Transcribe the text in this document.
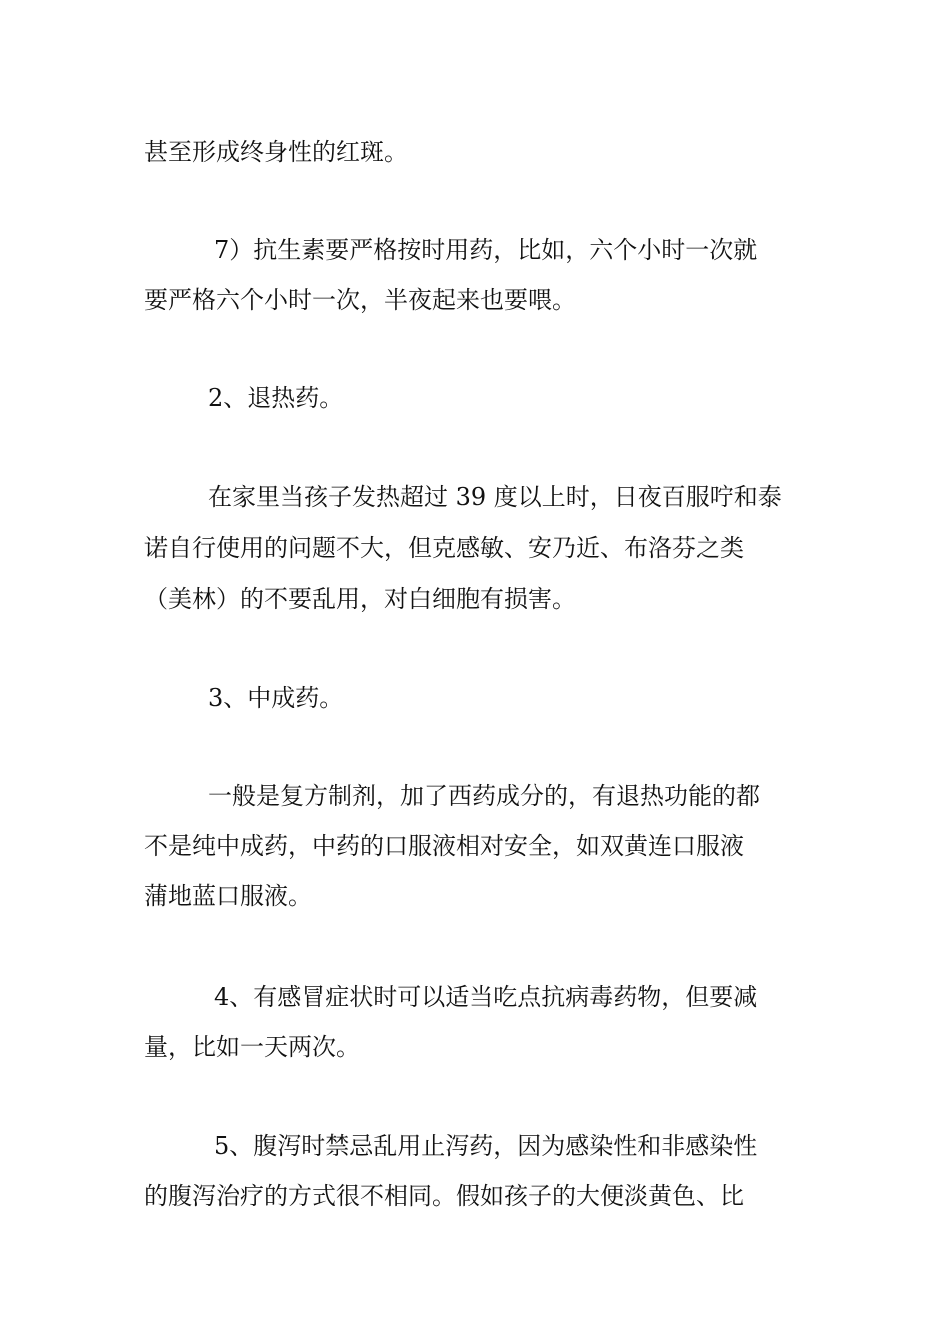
甚至形成终身性的红斑。
7）抗生素要严格按时用药，比如，六个小时一次就
要严格六个小时一次，半夜起来也要喂。
2、退热药。
在家里当孩子发热超过 39 度以上时，日夜百服咛和泰
诺自行使用的问题不大，但克感敏、安乃近、布洛芬之类
（美林）的不要乱用，对白细胞有损害。
3、中成药。
一般是复方制剂，加了西药成分的，有退热功能的都
不是纯中成药，中药的口服液相对安全，如双黄连口服液
蒲地蓝口服液。
4、有感冒症状时可以适当吃点抗病毒药物，但要减
量，比如一天两次。
5、腹泻时禁忌乱用止泻药，因为感染性和非感染性
的腹泻治疗的方式很不相同。假如孩子的大便淡黄色、比
